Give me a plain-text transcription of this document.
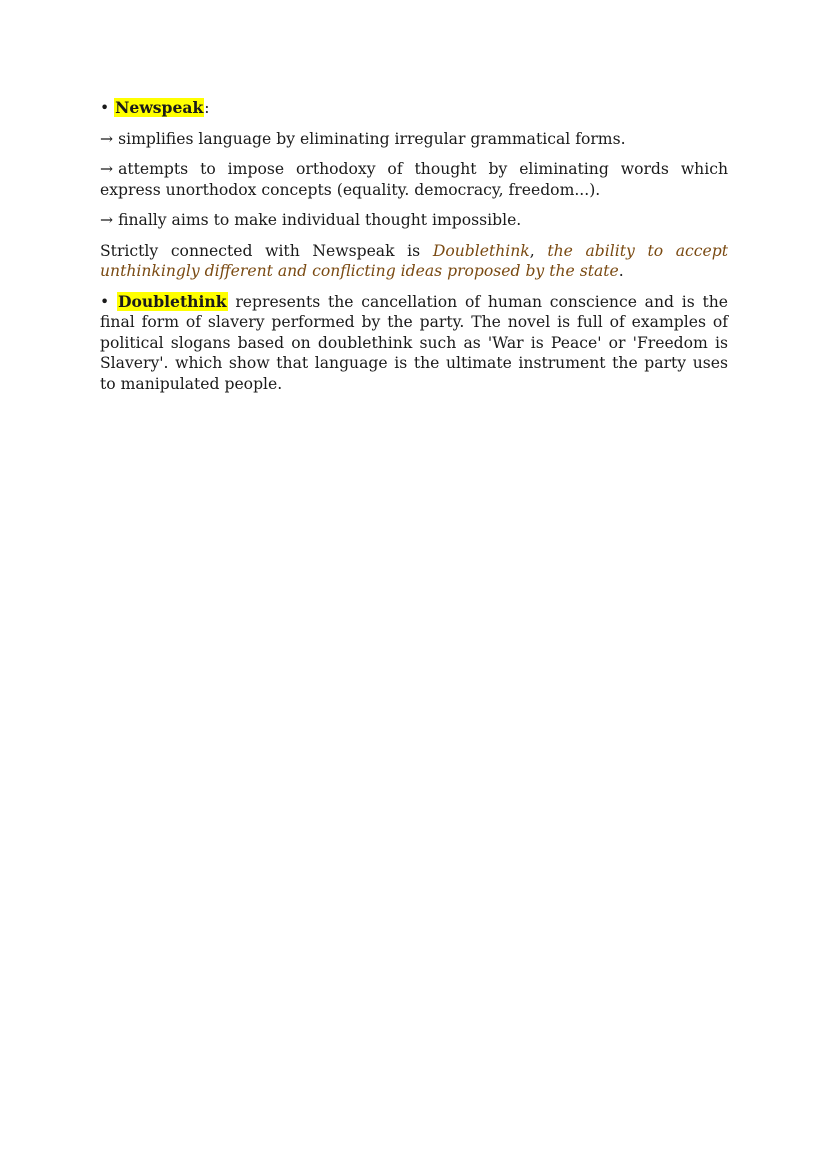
• Newspeak:

→ simplifies language by eliminating irregular grammatical forms.

→ attempts to impose orthodoxy of thought by eliminating words which express unorthodox concepts (equality. democracy, freedom...).

→ finally aims to make individual thought impossible.

Strictly connected with Newspeak is Doublethink, the ability to accept unthinkingly different and conflicting ideas proposed by the state.

• Doublethink represents the cancellation of human conscience and is the final form of slavery performed by the party. The novel is full of examples of political slogans based on doublethink such as 'War is Peace' or 'Freedom is Slavery'. which show that language is the ultimate instrument the party uses to manipulated people.
